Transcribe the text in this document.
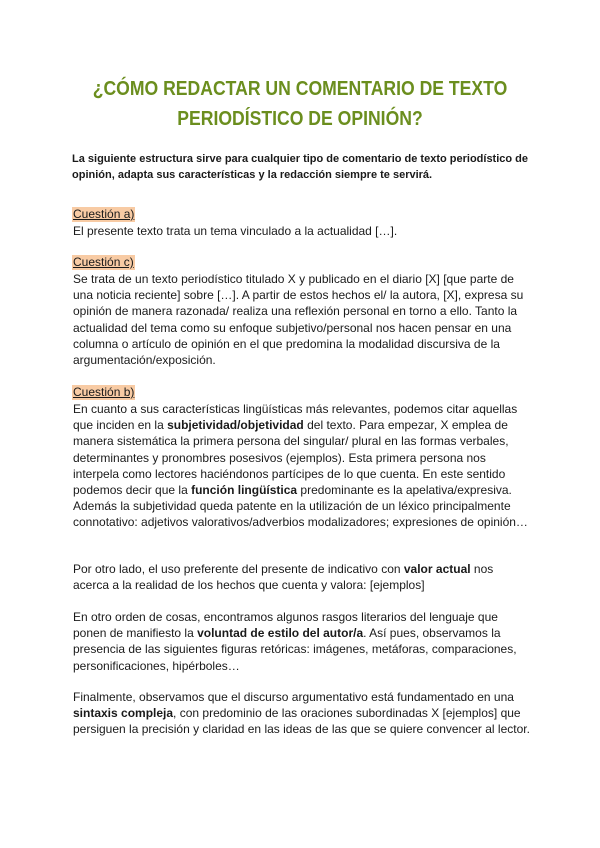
¿CÓMO REDACTAR UN COMENTARIO DE TEXTO
PERIODÍSTICO DE OPINIÓN?

La siguiente estructura sirve para cualquier tipo de comentario de texto periodístico de opinión, adapta sus características y la redacción siempre te servirá.

Cuestión a)

El presente texto trata un tema vinculado a la actualidad […].

Cuestión c)

Se trata de un texto periodístico titulado X y publicado en el diario [X] [que parte de una noticia reciente] sobre […]. A partir de estos hechos el/ la autora, [X], expresa su opinión de manera razonada/ realiza una reflexión personal en torno a ello. Tanto la actualidad del tema como su enfoque subjetivo/personal nos hacen pensar en una columna o artículo de opinión en el que predomina la modalidad discursiva de la argumentación/exposición.

Cuestión b)

En cuanto a sus características lingüísticas más relevantes, podemos citar aquellas que inciden en la subjetividad/objetividad del texto. Para empezar, X emplea de manera sistemática la primera persona del singular/ plural en las formas verbales, determinantes y pronombres posesivos (ejemplos). Esta primera persona nos interpela como lectores haciéndonos partícipes de lo que cuenta. En este sentido podemos decir que la función lingüística predominante es la apelativa/expresiva. Además la subjetividad queda patente en la utilización de un léxico principalmente connotativo: adjetivos valorativos/adverbios modalizadores; expresiones de opinión…

Por otro lado, el uso preferente del presente de indicativo con valor actual nos acerca a la realidad de los hechos que cuenta y valora: [ejemplos]

En otro orden de cosas, encontramos algunos rasgos literarios del lenguaje que ponen de manifiesto la voluntad de estilo del autor/a. Así pues, observamos la presencia de las siguientes figuras retóricas: imágenes, metáforas, comparaciones, personificaciones, hipérboles…

Finalmente, observamos que el discurso argumentativo está fundamentado en una sintaxis compleja, con predominio de las oraciones subordinadas X [ejemplos] que persiguen la precisión y claridad en las ideas de las que se quiere convencer al lector.
